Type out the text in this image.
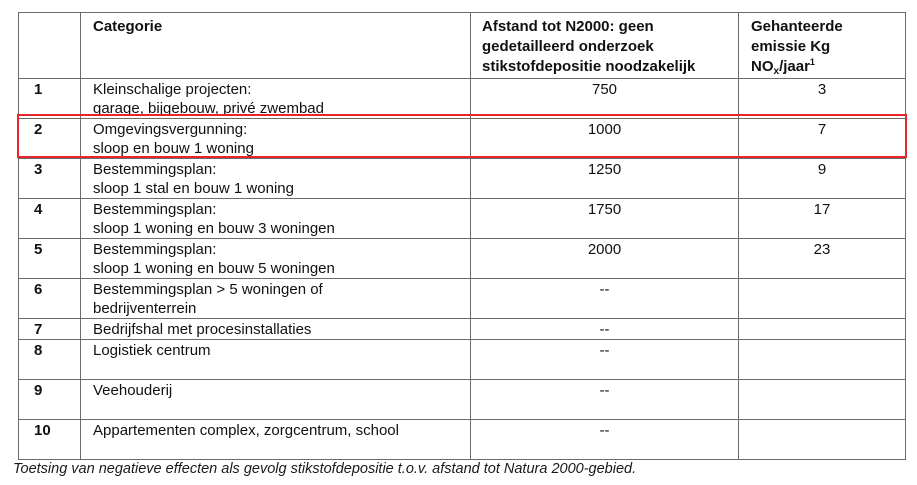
	Categorie	Afstand tot N2000: geen
gedetailleerd onderzoek
stikstofdepositie noodzakelijk	Gehanteerde
emissie Kg
$NO_x/jaar^1$

1	Kleinschalige projecten:
garage, bijgebouw, privé zwembad	750	3
2	Omgevingsvergunning:
sloop en bouw 1 woning	1000	7
3	Bestemmingsplan:
sloop 1 stal en bouw 1 woning	1250	9
4	Bestemmingsplan:
sloop 1 woning en bouw 3 woningen	1750	17
5	Bestemmingsplan:
sloop 1 woning en bouw 5 woningen	2000	23
6	Bestemmingsplan > 5 woningen of
bedrijventerrein	--	
7	Bedrijfshal met procesinstallaties	--	
8	Logistiek centrum	--	
9	Veehouderij	--	
10	Appartementen complex, zorgcentrum, school	--	
Toetsing van negatieve effecten als gevolg stikstofdepositie t.o.v. afstand tot Natura 2000-gebied.
